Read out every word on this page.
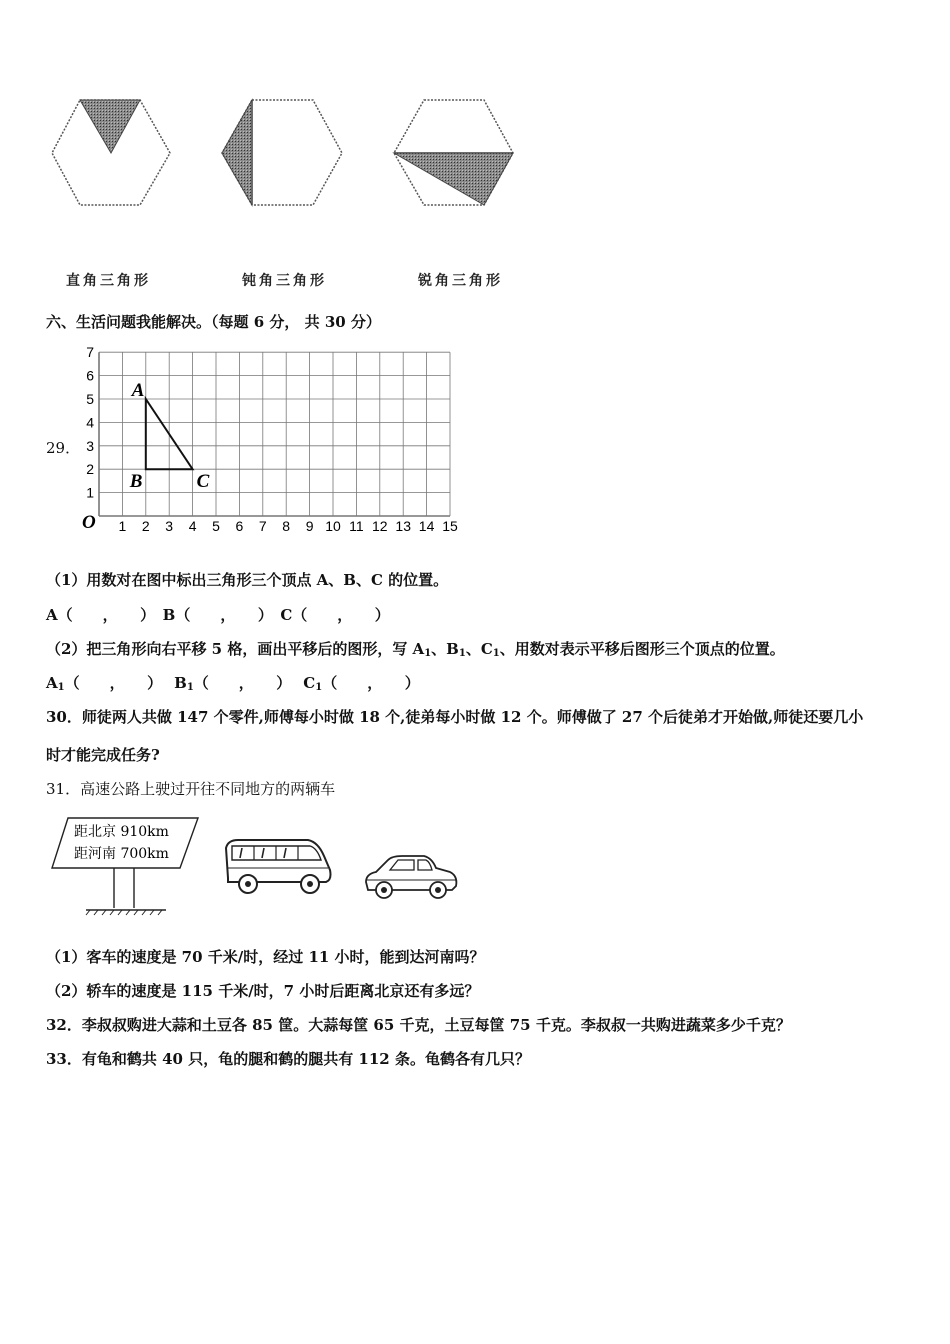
直角三角形	钝角三角形	锐角三角形
六、生活问题我能解决。（每题 6 分， 共 30 分）
29．
1 2 3 4 5 6 7 8 9 10 11 12 13 14 15
1
2
3
4
5
6
7
A
B	C
O
（1）用数对在图中标出三角形三个顶点 A、B、C 的位置。
A（　　，　　）　B（　　，　　）　C（　　，　　）
（2）把三角形向右平移 5 格，画出平移后的图形，写 $A_1$、$B_1$、$C_1$、用数对表示平移后图形三个顶点的位置。
$A_1$（　　，　　） $B_1$（　　，　　） $C_1$（　　，　　）
30．师徒两人共做 147 个零件,师傅每小时做 18 个,徒弟每小时做 12 个。师傅做了 27 个后徒弟才开始做,师徒还要几小
时才能完成任务?
31．高速公路上驶过开往不同地方的两辆车
距北京 910km
距河南 700km
（1）客车的速度是 70 千米/时，经过 11 小时，能到达河南吗？
（2）轿车的速度是 115 千米/时，7 小时后距离北京还有多远？
32．李叔叔购进大蒜和土豆各 85 筐。大蒜每筐 65 千克，土豆每筐 75 千克。李叔叔一共购进蔬菜多少千克？
33．有龟和鹤共 40 只，龟的腿和鹤的腿共有 112 条。龟鹤各有几只？
